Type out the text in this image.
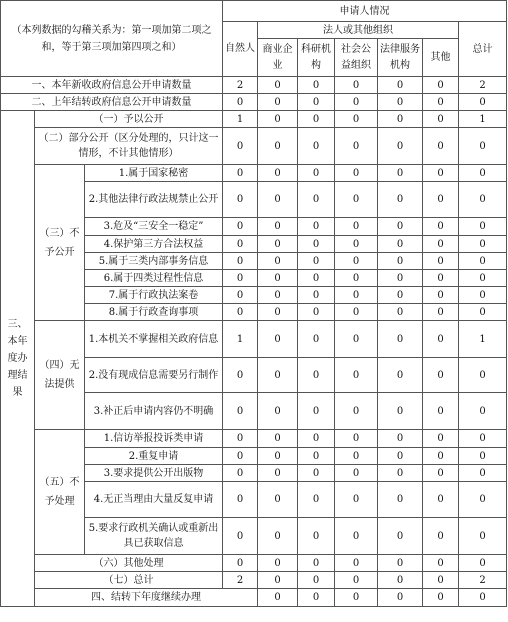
（本列数据的勾稽关系为：第一项加第二项之和，等于第三项加第四项之和）			申请人情况							
			自然人	法人或其他组织					总计	
				商业企业	科研机构	社会公益组织	法律服务机构	其他		
一、本年新收政府信息公开申请数量			2	0	0	0	0	0	2	
二、上年结转政府信息公开申请数量			0	0	0	0	0	0	0	
三、本年度办理结果	（一）予以公开		1	0	0	0	0	0	1	
	（二）部分公开（区分处理的，只计这一情形，不计其他情形）		0	0	0	0	0	0	0	
	（三）不予公开	1.属于国家秘密	0	0	0	0	0	0	0	
		2.其他法律行政法规禁止公开	0	0	0	0	0	0	0	
		3.危及“三安全一稳定”	0	0	0	0	0	0	0	
		4.保护第三方合法权益	0	0	0	0	0	0	0	
		5.属于三类内部事务信息	0	0	0	0	0	0	0	
		6.属于四类过程性信息	0	0	0	0	0	0	0	
		7.属于行政执法案卷	0	0	0	0	0	0	0	
		8.属于行政查询事项	0	0	0	0	0	0	0	
	（四）无法提供	1.本机关不掌握相关政府信息	1	0	0	0	0	0	1	
		2.没有现成信息需要另行制作	0	0	0	0	0	0	0	
		3.补正后申请内容仍不明确	0	0	0	0	0	0	0	
	（五）不予处理	1.信访举报投诉类申请	0	0	0	0	0	0	0	
		2.重复申请	0	0	0	0	0	0	0	
		3.要求提供公开出版物	0	0	0	0	0	0	0	
		4.无正当理由大量反复申请	0	0	0	0	0	0	0	
		5.要求行政机关确认或重新出具已获取信息	0	0	0	0	0	0	0	
	（六）其他处理		0	0	0	0	0	0	0	
	（七）总计		2	0	0	0	0	0	2	
	四、结转下年度继续办理			0	0	0	0	0	0	
